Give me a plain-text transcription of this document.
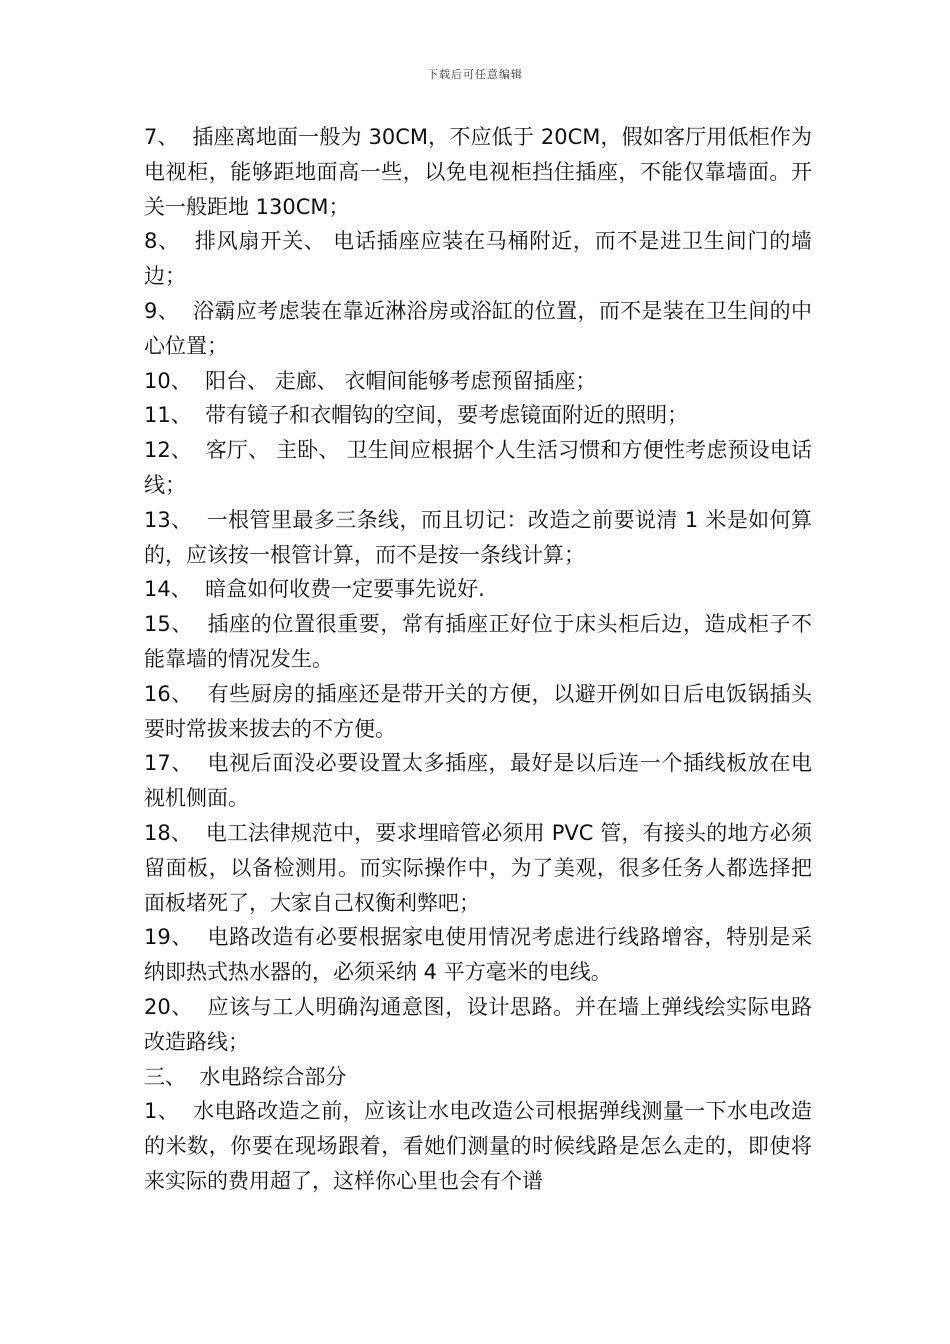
下载后可任意编辑

7、  插座离地面一般为 30CM，不应低于 20CM，假如客厅用低柜作为电视柜，能够距地面高一些，以免电视柜挡住插座，不能仅靠墙面。开关一般距地 130CM；

8、  排风扇开关、 电话插座应装在马桶附近，而不是进卫生间门的墙边；

9、  浴霸应考虑装在靠近淋浴房或浴缸的位置，而不是装在卫生间的中心位置；

10、  阳台、 走廊、 衣帽间能够考虑预留插座；

11、  带有镜子和衣帽钩的空间，要考虑镜面附近的照明；

12、  客厅、 主卧、 卫生间应根据个人生活习惯和方便性考虑预设电话线；

13、  一根管里最多三条线，而且切记：改造之前要说清 1 米是如何算的，应该按一根管计算，而不是按一条线计算；

14、  暗盒如何收费一定要事先说好.

15、  插座的位置很重要，常有插座正好位于床头柜后边，造成柜子不能靠墙的情况发生。

16、  有些厨房的插座还是带开关的方便，以避开例如日后电饭锅插头要时常拔来拔去的不方便。

17、  电视后面没必要设置太多插座，最好是以后连一个插线板放在电视机侧面。

18、  电工法律规范中，要求埋暗管必须用 PVC 管，有接头的地方必须留面板，以备检测用。而实际操作中，为了美观，很多任务人都选择把面板堵死了，大家自己权衡利弊吧；

19、  电路改造有必要根据家电使用情况考虑进行线路增容，特别是采纳即热式热水器的，必须采纳 4 平方毫米的电线。

20、  应该与工人明确沟通意图，设计思路。并在墙上弹线绘实际电路改造路线；

三、  水电路综合部分

1、  水电路改造之前，应该让水电改造公司根据弹线测量一下水电改造的米数，你要在现场跟着，看她们测量的时候线路是怎么走的，即使将来实际的费用超了，这样你心里也会有个谱
